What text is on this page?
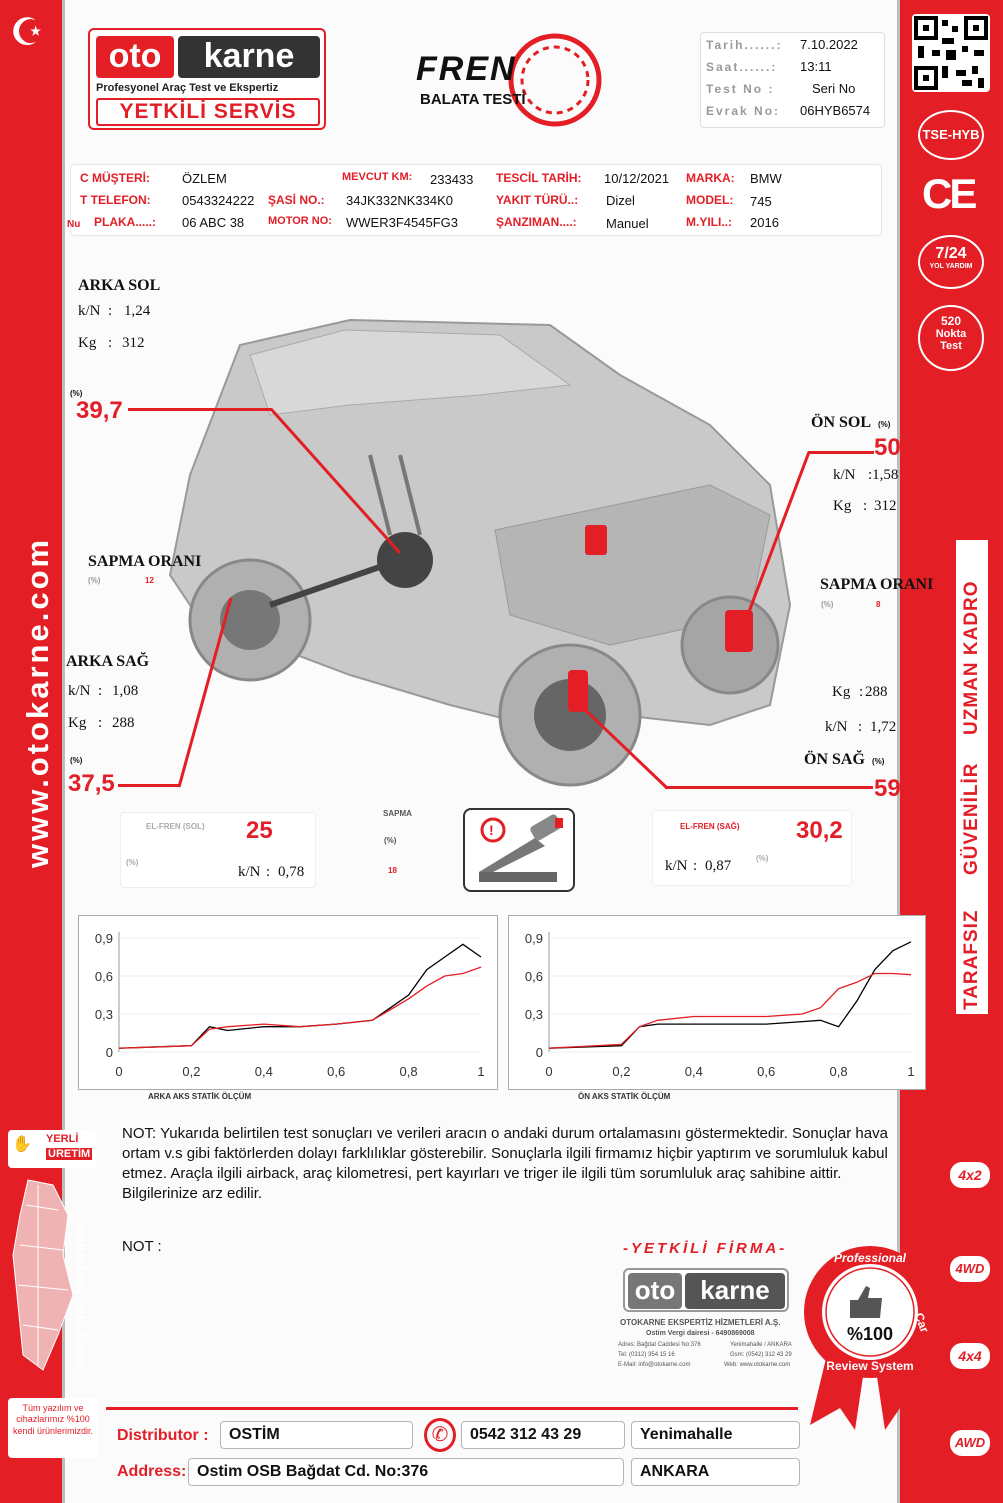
☪
www.otokarne.com
✋ YERLİ
ÜRETİM
Türkiye'nin heryerinde.!
Tüm yazılım ve cihazlarımız %100 kendi ürünlerimizdir.
TSE-HYB
CE
7/24
YOL YARDIM
520
Nokta
Test
TARAFSIZ
GÜVENİLİR
UZMAN KADRO
4x2
4WD
4x4
AWD
oto	karne
Profesyonel Araç Test ve Ekspertiz
YETKİLİ SERVİS
FREN
BALATA TESTİ
Tarih......: 7.10.2022
Saat......: 13:11
Test No :	Seri No
Evrak No: 06HYB6574
C MÜŞTERİ: ÖZLEM
T TELEFON: 0543324222
Nu PLAKA.....: 06 ABC 38
MEVCUT KM: 233433
ŞASİ NO.: 34JK332NK334K0
MOTOR NO: WWER3F4545FG3
TESCİL TARİH: 10/12/2021
YAKIT TÜRÜ..: Dizel
ŞANZIMAN....: Manuel
MARKA: BMW
MODEL: 745
M.YILI..: 2016
ARKA SOL
k/N : 1,24
Kg : 312
(%)
39,7
SAPMA ORANI
(%)	12
ARKA SAĞ
k/N : 1,08
Kg : 288
(%)
37,5
ÖN SOL (%)
50,6
k/N :1,58
Kg : 312
SAPMA ORANI
(%)	8
Kg : 288
k/N : 1,72
ÖN SAĞ (%)
59,7
EL-FREN (SOL) 25
(%)
k/N : 0,78
SAPMA
(%)
18
!	EL-FREN (SAĞ) 30,2
k/N : 0,87	(%)
0
0,3
0,6
0,9
0	0,2	0,4	0,6	0,8	1
0
0,3
0,6
0,9
0	0,2	0,4	0,6	0,8	1
ARKA AKS STATİK ÖLÇÜM	ÖN AKS STATİK ÖLÇÜM
NOT: Yukarıda belirtilen test sonuçları ve verileri aracın o andaki durum ortalamasını göstermektedir. Sonuçlar hava ortam v.s gibi faktörlerden dolayı farklılıklar gösterebilir. Sonuçlarla ilgili firmamız hiçbir yaptırım ve sorumluluk kabul etmez. Araçla ilgili airback, araç kilometresi, pert kayırları ve triger ile ilgili tüm sorumluluk araç sahibine aittir. Bilgilerinize arz edilir.
NOT :	-YETKİLİ FİRMA-
oto karne
OTOKARNE EKSPERTİZ HİZMETLERİ A.Ş.
Ostim Vergi dairesi - 6490869008
Adres: Bağdat Caddesi No:376	Yenimahalle / ANKARA
Tel: (0312) 354 15 16	Gsm: (0542) 312 43 29
E-Mail: info@otokarne.com	Web: www.otokarne.com
Professional
Car
Review System
%100
Distributor :	OSTİM	✆	0542 312 43 29	Yenimahalle
Address: Ostim OSB Bağdat Cd. No:376	ANKARA
